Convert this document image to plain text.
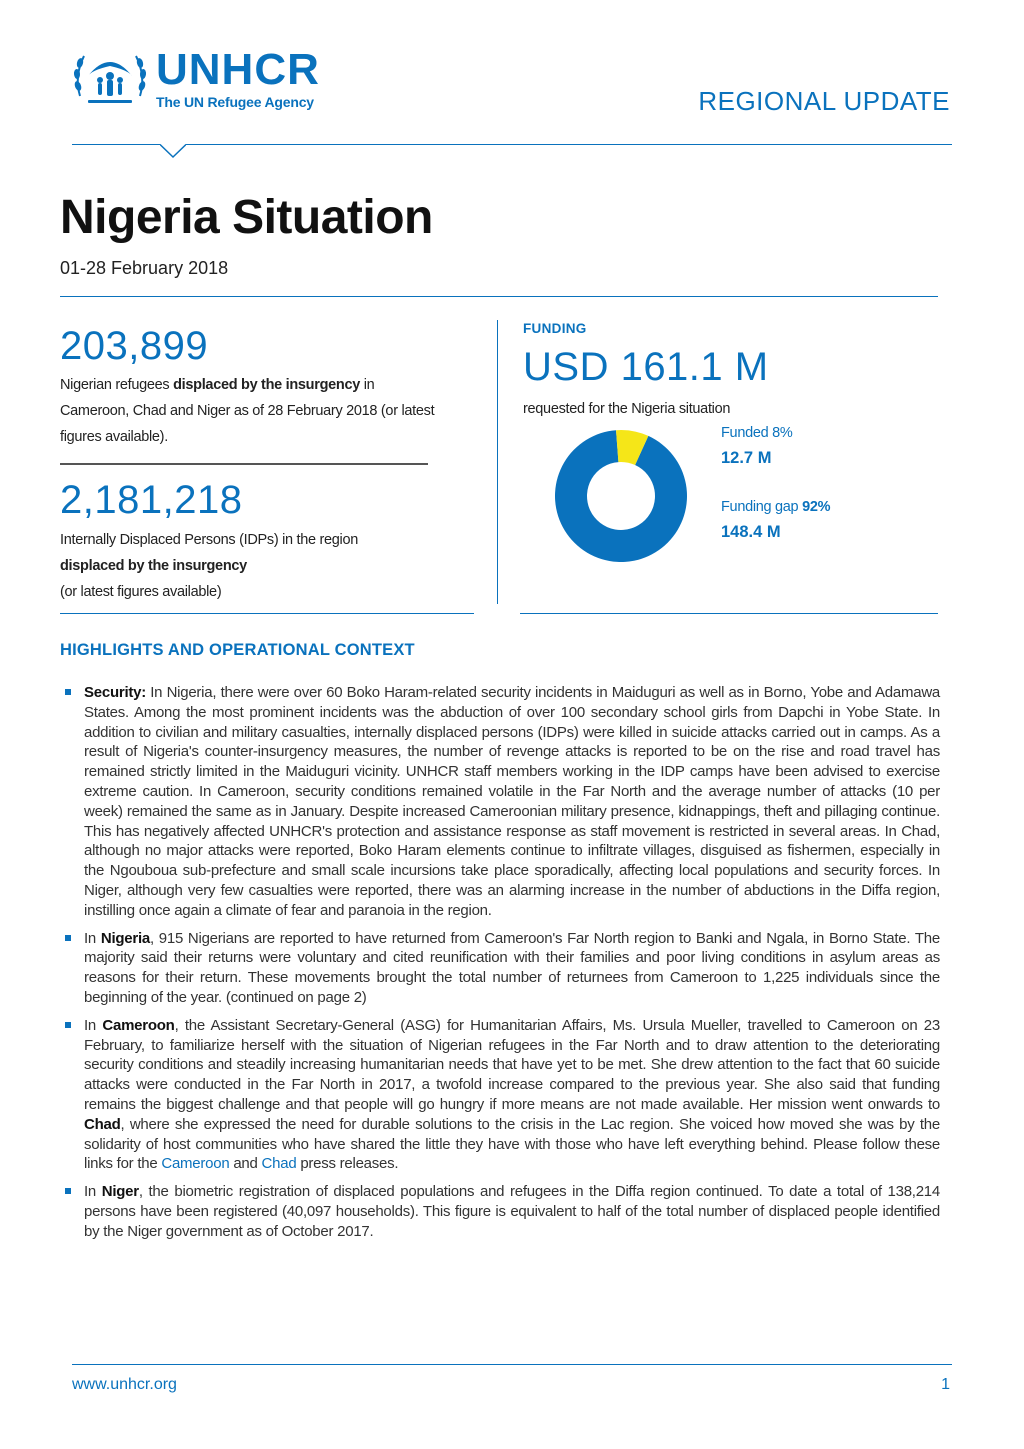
UNHCR
The UN Refugee Agency	REGIONAL UPDATE
Nigeria Situation
01-28 February 2018
203,899
Nigerian refugees displaced by the insurgency in Cameroon, Chad and Niger as of 28 February 2018 (or latest figures available).
2,181,218
Internally Displaced Persons (IDPs) in the region
displaced by the insurgency
(or latest figures available)
FUNDING
USD 161.1 M
requested for the Nigeria situation
Funded 8%
12.7 M
Funding gap 92%
148.4 M
HIGHLIGHTS AND OPERATIONAL CONTEXT
Security: In Nigeria, there were over 60 Boko Haram-related security incidents in Maiduguri as well as in Borno, Yobe and Adamawa States. Among the most prominent incidents was the abduction of over 100 secondary school girls from Dapchi in Yobe State. In addition to civilian and military casualties, internally displaced persons (IDPs) were killed in suicide attacks carried out in camps. As a result of Nigeria's counter-insurgency measures, the number of revenge attacks is reported to be on the rise and road travel has remained strictly limited in the Maiduguri vicinity. UNHCR staff members working in the IDP camps have been advised to exercise extreme caution. In Cameroon, security conditions remained volatile in the Far North and the average number of attacks (10 per week) remained the same as in January. Despite increased Cameroonian military presence, kidnappings, theft and pillaging continue. This has negatively affected UNHCR's protection and assistance response as staff movement is restricted in several areas. In Chad, although no major attacks were reported, Boko Haram elements continue to infiltrate villages, disguised as fishermen, especially in the Ngouboua sub-prefecture and small scale incursions take place sporadically, affecting local populations and security forces. In Niger, although very few casualties were reported, there was an alarming increase in the number of abductions in the Diffa region, instilling once again a climate of fear and paranoia in the region.
In Nigeria, 915 Nigerians are reported to have returned from Cameroon's Far North region to Banki and Ngala, in Borno State. The majority said their returns were voluntary and cited reunification with their families and poor living conditions in asylum areas as reasons for their return. These movements brought the total number of returnees from Cameroon to 1,225 individuals since the beginning of the year. (continued on page 2)
In Cameroon, the Assistant Secretary-General (ASG) for Humanitarian Affairs, Ms. Ursula Mueller, travelled to Cameroon on 23 February, to familiarize herself with the situation of Nigerian refugees in the Far North and to draw attention to the deteriorating security conditions and steadily increasing humanitarian needs that have yet to be met. She drew attention to the fact that 60 suicide attacks were conducted in the Far North in 2017, a twofold increase compared to the previous year. She also said that funding remains the biggest challenge and that people will go hungry if more means are not made available. Her mission went onwards to Chad, where she expressed the need for durable solutions to the crisis in the Lac region. She voiced how moved she was by the solidarity of host communities who have shared the little they have with those who have left everything behind. Please follow these links for the Cameroon and Chad press releases.
In Niger, the biometric registration of displaced populations and refugees in the Diffa region continued. To date a total of 138,214 persons have been registered (40,097 households). This figure is equivalent to half of the total number of displaced people identified by the Niger government as of October 2017.
www.unhcr.org	1
